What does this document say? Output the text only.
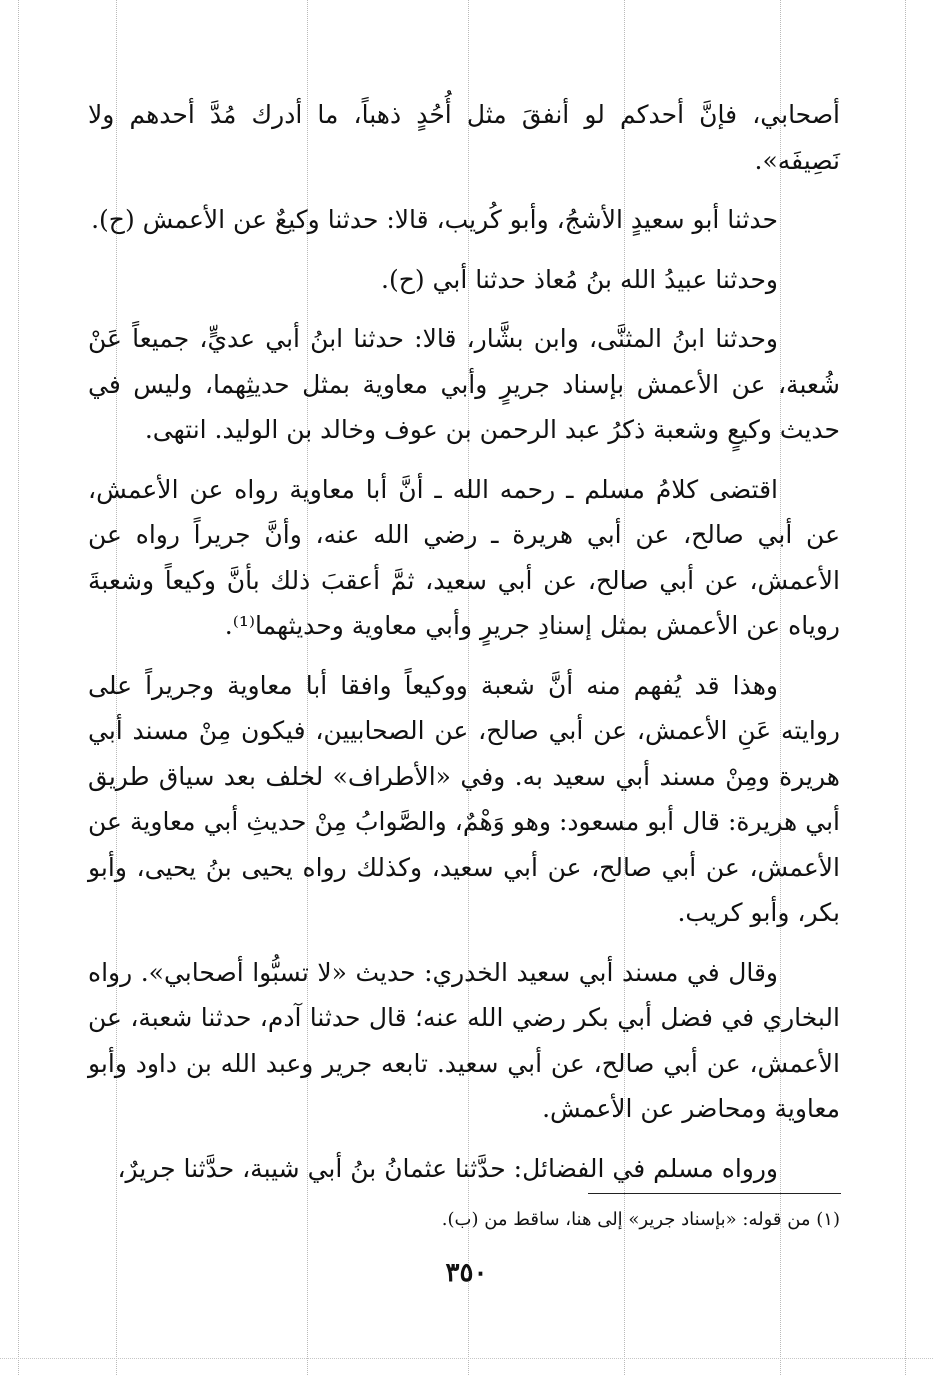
أصحابي، فإنَّ أحدكم لو أنفقَ مثل أُحُدٍ ذهباً، ما أدرك مُدَّ أحدهم ولا نَصِيفَه».

حدثنا أبو سعيدٍ الأشجُ، وأبو كُريب، قالا: حدثنا وكيعٌ عن الأعمش (ح).

وحدثنا عبيدُ الله بنُ مُعاذ حدثنا أبي (ح).

وحدثنا ابنُ المثنَّى، وابن بشَّار، قالا: حدثنا ابنُ أبي عديٍّ، جميعاً عَنْ شُعبة، عن الأعمش بإسناد جريرٍ وأبي معاوية بمثل حديثِهما، وليس في حديث وكيعٍ وشعبة ذكرُ عبد الرحمن بن عوف وخالد بن الوليد. انتهى.

اقتضى كلامُ مسلم ـ رحمه الله ـ أنَّ أبا معاوية رواه عن الأعمش، عن أبي صالح، عن أبي هريرة ـ رضي الله عنه، وأنَّ جريراً رواه عن الأعمش، عن أبي صالح، عن أبي سعيد، ثمَّ أعقبَ ذلك بأنَّ وكيعاً وشعبةَ روياه عن الأعمش بمثل إسنادِ جريرٍ وأبي معاوية وحديثهما⁽¹⁾.

وهذا قد يُفهم منه أنَّ شعبة ووكيعاً وافقا أبا معاوية وجريراً على روايته عَنِ الأعمش، عن أبي صالح، عن الصحابيين، فيكون مِنْ مسند أبي هريرة ومِنْ مسند أبي سعيد به. وفي «الأطراف» لخلف بعد سياق طريق أبي هريرة: قال أبو مسعود: وهو وَهْمٌ، والصَّوابُ مِنْ حديثِ أبي معاوية عن الأعمش، عن أبي صالح، عن أبي سعيد، وكذلك رواه يحيى بنُ يحيى، وأبو بكر، وأبو كريب.

وقال في مسند أبي سعيد الخدري: حديث «لا تسبُّوا أصحابي». رواه البخاري في فضل أبي بكر رضي الله عنه؛ قال حدثنا آدم، حدثنا شعبة، عن الأعمش، عن أبي صالح، عن أبي سعيد. تابعه جرير وعبد الله بن داود وأبو معاوية ومحاضر عن الأعمش.

ورواه مسلم في الفضائل: حدَّثنا عثمانُ بنُ أبي شيبة، حدَّثنا جريرٌ،

(١) من قوله: «بإسناد جرير» إلى هنا، ساقط من (ب).
٣٥٠
